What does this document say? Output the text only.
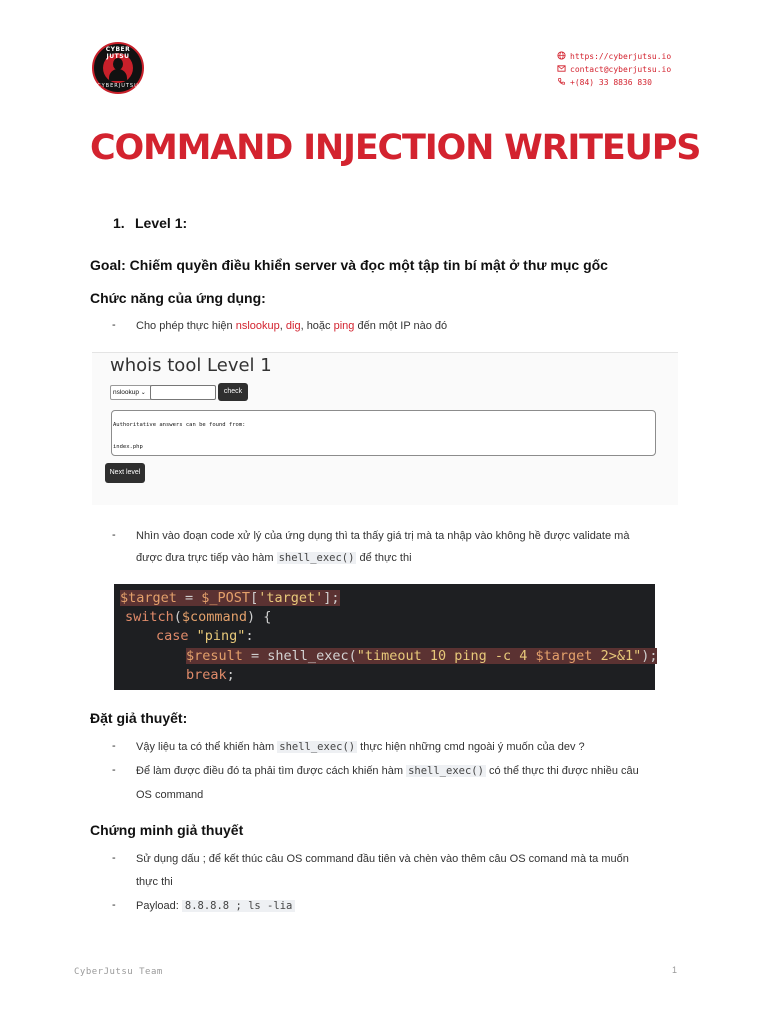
CYBER JUTSU
CYBERJUTSU
https://cyberjutsu.io
contact@cyberjutsu.io
+(84) 33 8836 830
COMMAND INJECTION WRITEUPS
1. Level 1:
Goal: Chiếm quyền điều khiển server và đọc một tập tin bí mật ở thư mục gốc
Chức năng của ứng dụng:
- Cho phép thực hiện nslookup, dig, hoặc ping đến một IP nào đó
whois tool Level 1
nslookup ⌄	check
Authoritative answers can be found from:
index.php
Next level
- Nhìn vào đoạn code xử lý của ứng dụng thì ta thấy giá trị mà ta nhập vào không hề được validate mà
được đưa trực tiếp vào hàm shell_exec() để thực thi
$target = $_POST['target'];
switch($command) {
case "ping":
$result = shell_exec("timeout 10 ping -c 4 $target 2>&1");
break;
Đặt giả thuyết:
- Vậy liệu ta có thể khiến hàm shell_exec() thực hiện những cmd ngoài ý muốn của dev ?
- Để làm được điều đó ta phải tìm được cách khiến hàm shell_exec() có thể thực thi được nhiều câu
OS command
Chứng minh giả thuyết
- Sử dụng dấu ; để kết thúc câu OS command đầu tiên và chèn vào thêm câu OS comand mà ta muốn
thực thi
- Payload: 8.8.8.8 ; ls -lia
CyberJutsu Team	1
